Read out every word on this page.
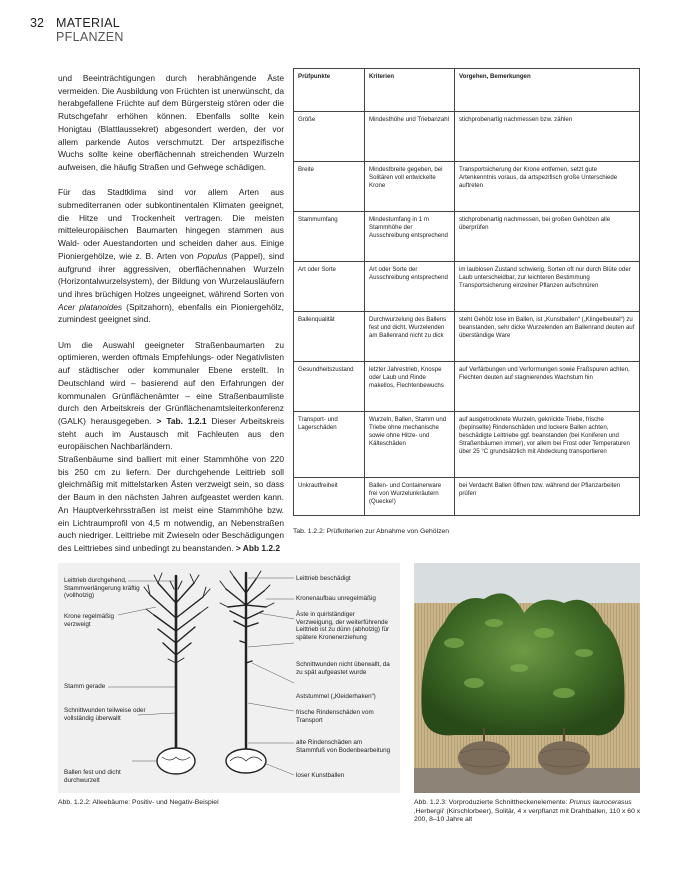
32 MATERIAL
PFLANZEN

und Beeinträchtigungen durch herabhängende Äste vermeiden. Die Ausbildung von Früchten ist unerwünscht, da herabgefallene Früchte auf dem Bürgersteig stören oder die Rutschgefahr erhöhen können. Ebenfalls sollte kein Honigtau (Blattlaussekret) abgesondert werden, der vor allem parkende Autos verschmutzt. Der artspezifische Wuchs sollte keine oberflächennah streichenden Wurzeln aufweisen, die häufig Straßen und Gehwege schädigen.

Für das Stadtklima sind vor allem Arten aus submediterranen oder subkontinentalen Klimaten geeignet, die Hitze und Trockenheit vertragen. Die meisten mitteleuropäischen Baumarten hingegen stammen aus Wald- oder Auestandorten und scheiden daher aus. Einige Pioniergehölze, wie z. B. Arten von Populus (Pappel), sind aufgrund ihrer aggressiven, oberflächennahen Wurzeln (Horizontalwurzelsystem), der Bildung von Wurzelausläufern und ihres brüchigen Holzes ungeeignet, während Sorten von Acer platanoides (Spitzahorn), ebenfalls ein Pioniergehölz, zumindest geeignet sind.

Um die Auswahl geeigneter Straßenbaumarten zu optimieren, werden oftmals Empfehlungs- oder Negativlisten auf städtischer oder kommunaler Ebene erstellt. In Deutschland wird – basierend auf den Erfahrungen der kommunalen Grünflächenämter – eine Straßenbaumliste durch den Arbeitskreis der Grünflächenamtsleiterkonferenz (GALK) herausgegeben. > Tab. 1.2.1 Dieser Arbeitskreis steht auch im Austausch mit Fachleuten aus den europäischen Nachbarländern.

Straßenbäume sind balliert mit einer Stammhöhe von 220 bis 250 cm zu liefern. Der durchgehende Leittrieb soll gleichmäßig mit mittelstarken Ästen verzweigt sein, so dass der Baum in den nächsten Jahren aufgeastet werden kann. An Hauptverkehrsstraßen ist meist eine Stammhöhe bzw. ein Lichtraumprofil von 4,5 m notwendig, an Nebenstraßen auch niedriger. Leittriebe mit Zwieseln oder Beschädigungen des Leittriebes sind unbedingt zu beanstanden. > Abb 1.2.2

Prüfpunkte	Kriterien	Vorgehen, Bemerkungen
Größe	Mindesthöhe und Triebanzahl	stichprobenartig nachmessen bzw. zählen
Breite	Mindestbreite gegeben, bei Solitären voll entwickelte Krone	Transportsicherung der Krone entfernen, setzt gute Artenkenntnis voraus, da artspezifisch große Unterschiede auftreten
Stammumfang	Mindestumfang in 1 m Stammhöhe der Ausschreibung entsprechend	stichprobenartig nachmessen, bei großen Gehölzen alle überprüfen
Art oder Sorte	Art oder Sorte der Ausschreibung entsprechend	im laublosen Zustand schwierig, Sorten oft nur durch Blüte oder Laub unterscheidbar, zur leichteren Bestimmung Transportsicherung einzelner Pflanzen aufschnüren
Ballenqualität	Durchwurzelung des Ballens fest und dicht, Wurzelenden am Ballenrand nicht zu dick	steht Gehölz lose im Ballen, ist „Kunstballen“ („Klingelbeutel“) zu beanstanden, sehr dicke Wurzelenden am Ballenrand deuten auf überständige Ware
Gesundheitszustand	letzter Jahrestrieb, Knospe oder Laub und Rinde makellos, Flechtenbewuchs	auf Verfärbungen und Verformungen sowie Fraßspuren achten, Flechten deuten auf stagnierendes Wachstum hin
Transport- und Lagerschäden	Wurzeln, Ballen, Stamm und Triebe ohne mechanische sowie ohne Hitze- und Kälteschäden	auf ausgetrocknete Wurzeln, geknickte Triebe, frische (bepinselte) Rindenschäden und lockere Ballen achten, beschädigte Leittriebe ggf. beanstanden (bei Koniferen und Straßenbäumen immer), vor allem bei Frost oder Temperaturen über 25 °C grundsätzlich mit Abdeckung transportieren
Unkrautfreiheit	Ballen- und Containerware frei von Wurzelunkräutern (Quecke!)	bei Verdacht Ballen öffnen bzw. während der Pflanzarbeiten prüfen
Tab. 1.2.2: Prüfkriterien zur Abnahme von Gehölzen
Leittrieb durchgehend, Stammverlängerung kräftig (vollholzig)
Krone regelmäßig verzweigt
Stamm gerade
Schnittwunden teilweise oder vollständig überwallt
Ballen fest und dicht durchwurzelt
Leittrieb beschädigt
Kronenaufbau unregelmäßig
Äste in quirlständiger Verzweigung, der weiterführende Leittrieb ist zu dünn (abholzig) für spätere Kronenerziehung
Schnittwunden nicht überwallt, da zu spät aufgeastet wurde
Aststummel („Kleiderhaken“)
frische Rindenschäden vom Transport
alte Rindenschäden am Stammfuß von Bodenbearbeitung
loser Kunstballen
Abb. 1.2.2: Alleebäume: Positiv- und Negativ-Beispiel	Abb. 1.2.3: Vorproduzierte Schnittheckenelemente: Prunus laurocerasus ‚Herbergii‘ (Kirschlorbeer), Solitär, 4 x verpflanzt mit Drahtballen, 110 x 60 x 200, 8–10 Jahre alt
